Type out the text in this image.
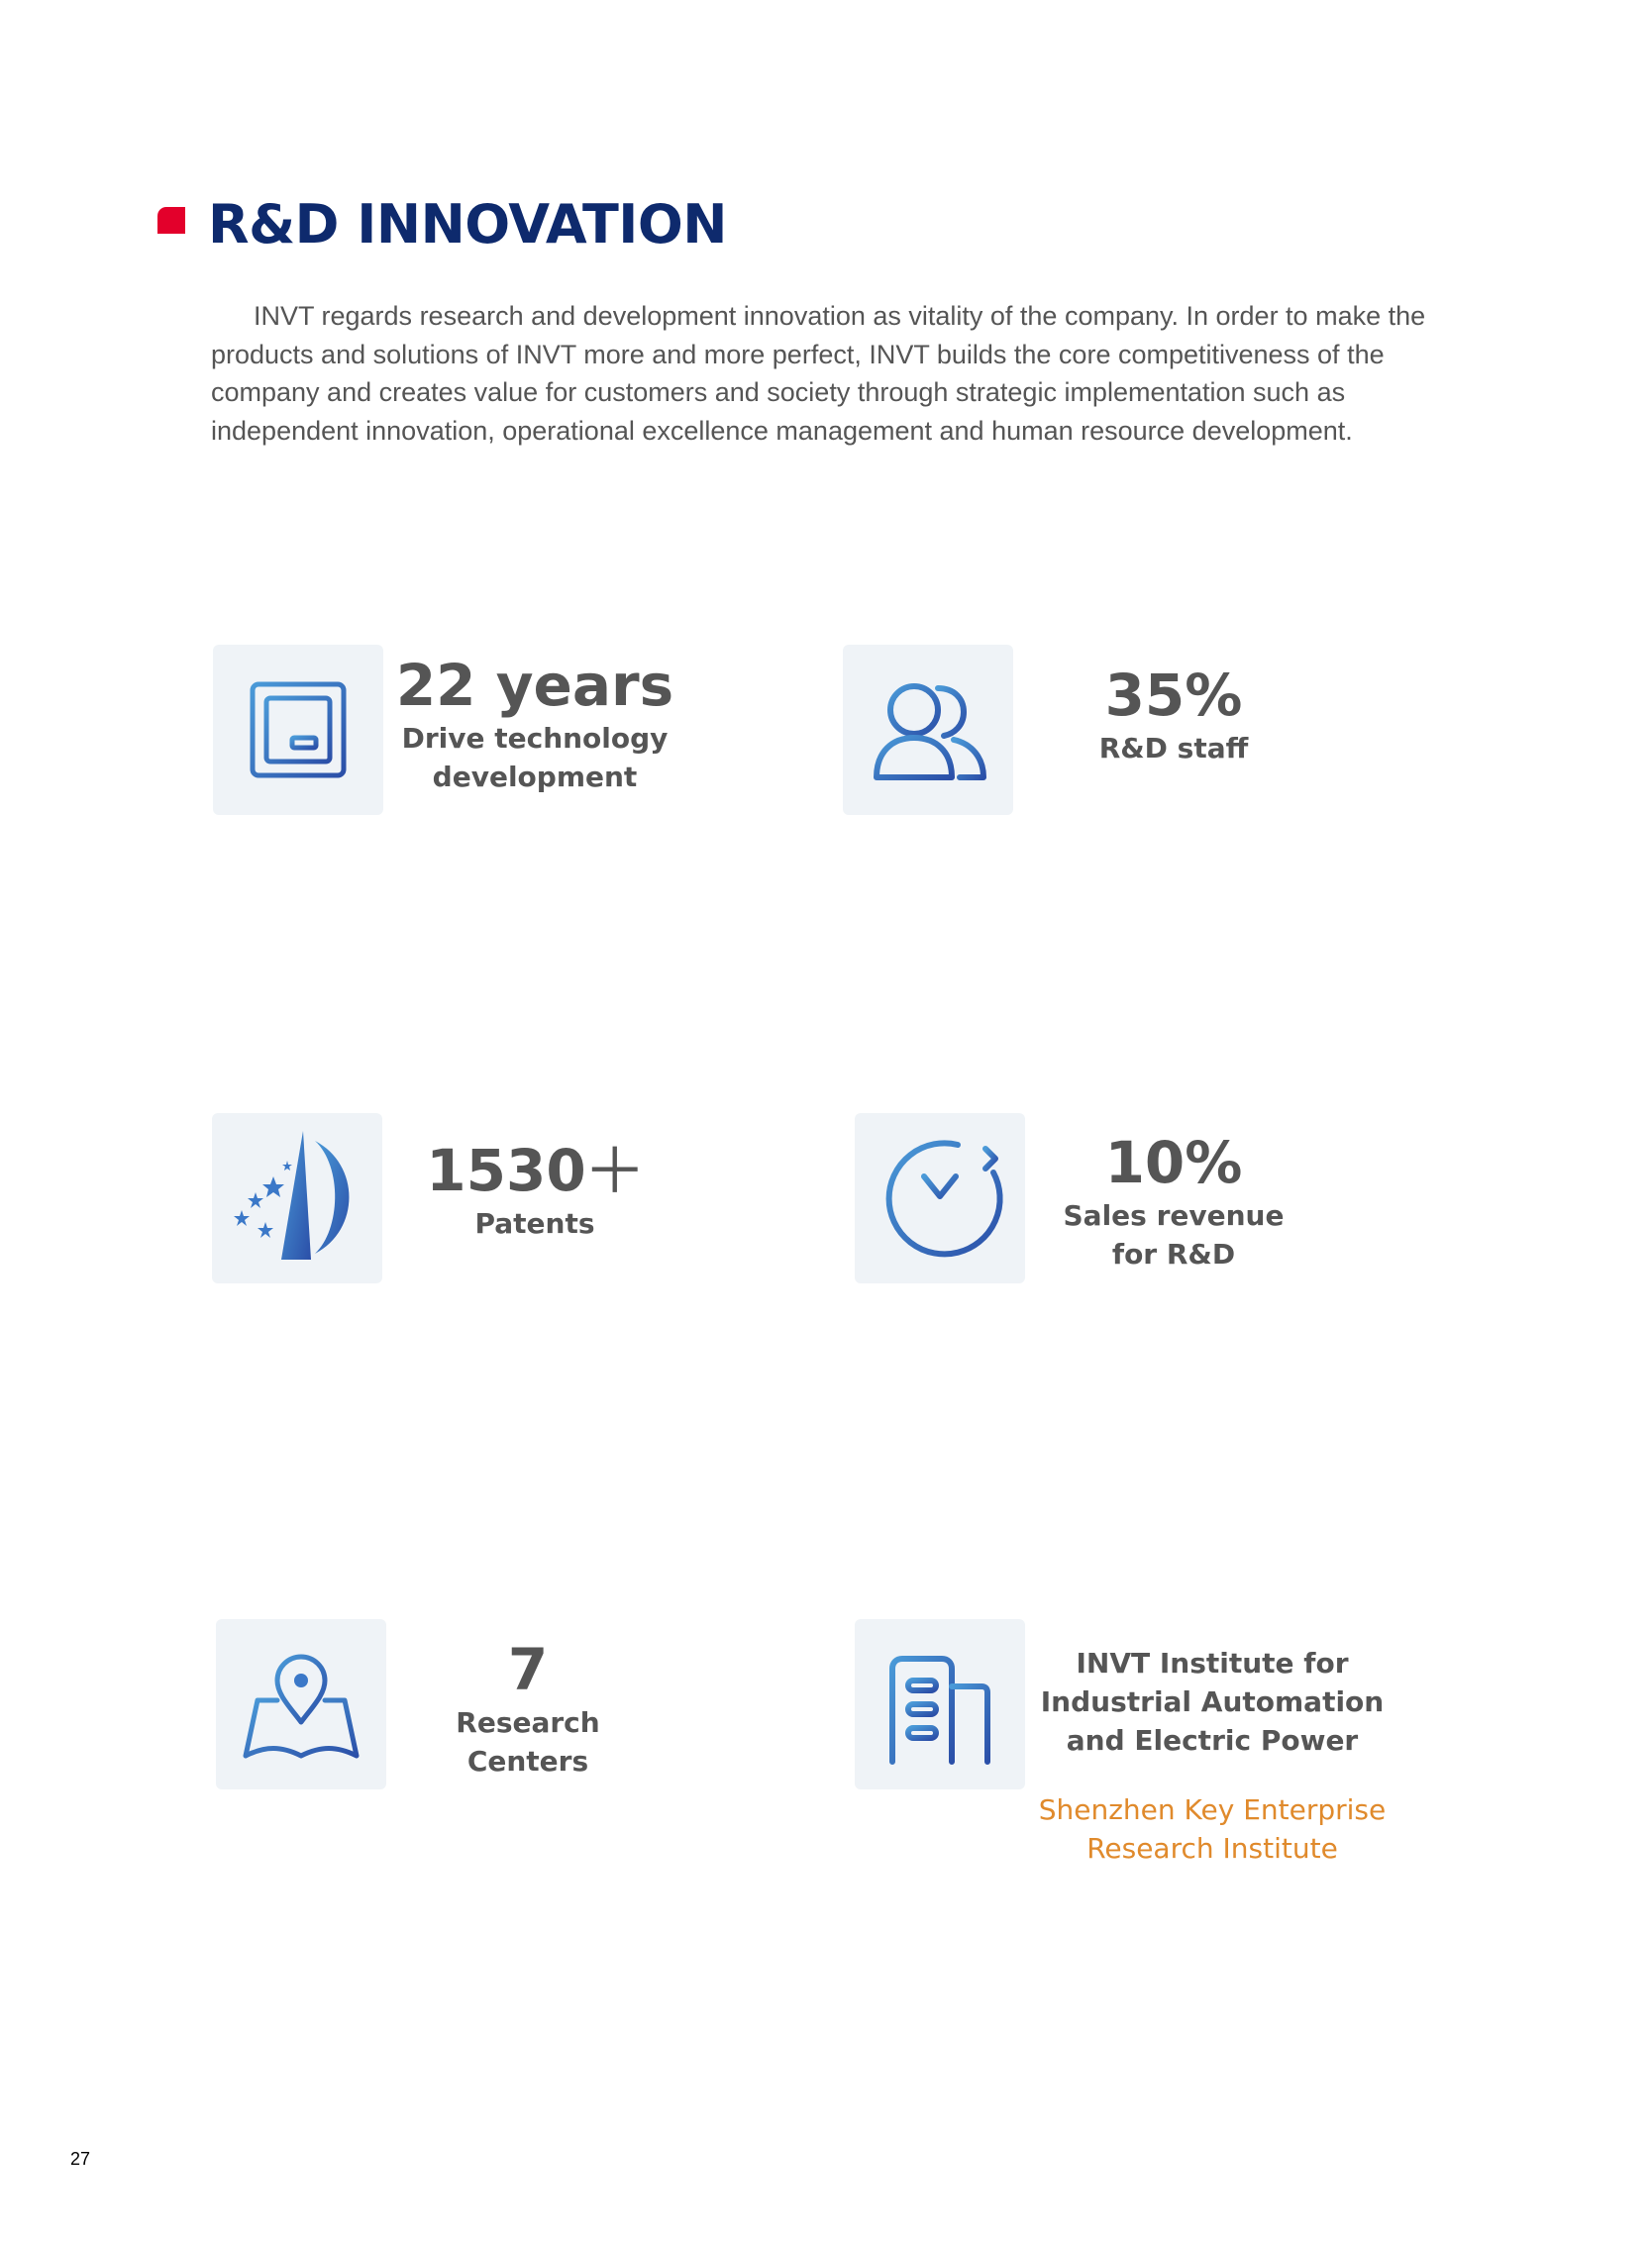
R&D INNOVATION

INVT regards research and development innovation as vitality of the company. In order to make the products and solutions of INVT more and more perfect, INVT builds the core competitiveness of the company and creates value for customers and society through strategic implementation such as independent innovation, operational excellence management and human resource development.

22 years
Drive technology
development
35%
R&D staff
1530＋
Patents
10%
Sales revenue
for R&D
7
Research
Centers
INVT Institute for
Industrial Automation
and Electric Power
Shenzhen Key Enterprise
Research Institute
27
